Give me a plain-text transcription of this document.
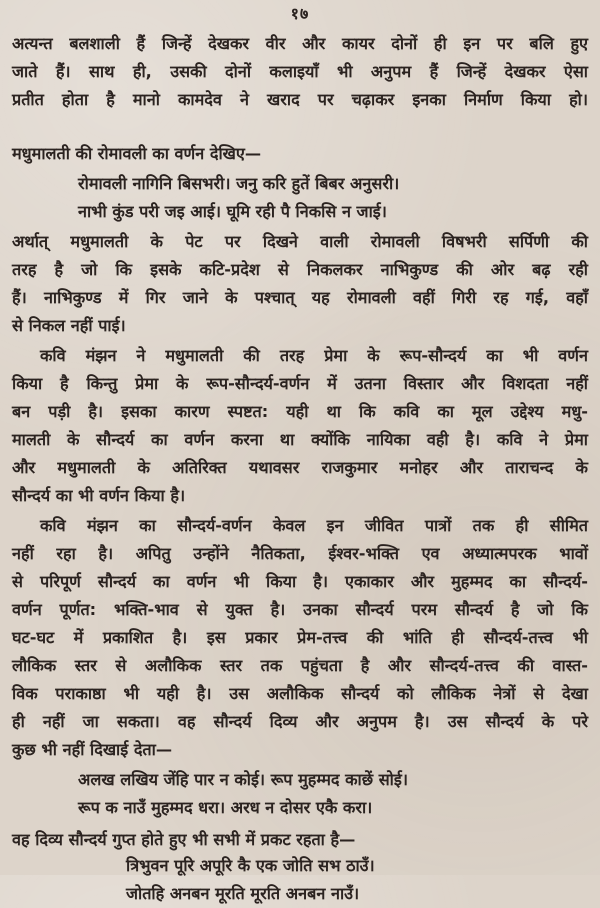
१७
अत्यन्त बलशाली हैं जिन्हें देखकर वीर और कायर दोनों ही इन पर बलि हुए
जाते हैं। साथ ही, उसकी दोनों कलाइयाँ भी अनुपम हैं जिन्हें देखकर ऐसा
प्रतीत होता है मानो कामदेव ने खराद पर चढ़ाकर इनका निर्माण किया हो।
मधुमालती की रोमावली का वर्णन देखिए—
रोमावली नागिनि बिसभरी। जनु करि हुतें बिबर अनुसरी।
नाभी कुंड परी जइ आई। घूमि रही पै निकसि न जाई।
अर्थात् मधुमालती के पेट पर दिखने वाली रोमावली विषभरी सर्पिणी की
तरह है जो कि इसके कटि-प्रदेश से निकलकर नाभिकुण्ड की ओर बढ़ रही
हैं। नाभिकुण्ड में गिर जाने के पश्चात् यह रोमावली वहीं गिरी रह गई, वहाँ
से निकल नहीं पाई।
कवि मंझन ने मधुमालती की तरह प्रेमा के रूप-सौन्दर्य का भी वर्णन
किया है किन्तु प्रेमा के रूप-सौन्दर्य-वर्णन में उतना विस्तार और विशदता नहीं
बन पड़ी है। इसका कारण स्पष्टत: यही था कि कवि का मूल उद्देश्य मधु-
मालती के सौन्दर्य का वर्णन करना था क्योंकि नायिका वही है। कवि ने प्रेमा
और मधुमालती के अतिरिक्त यथावसर राजकुमार मनोहर और ताराचन्द के
सौन्दर्य का भी वर्णन किया है।
कवि मंझन का सौन्दर्य-वर्णन केवल इन जीवित पात्रों तक ही सीमित
नहीं रहा है। अपितु उन्होंने नैतिकता, ईश्वर-भक्ति एव अध्यात्मपरक भावों
से परिपूर्ण सौन्दर्य का वर्णन भी किया है। एकाकार और मुहम्मद का सौन्दर्य-
वर्णन पूर्णत: भक्ति-भाव से युक्त है। उनका सौन्दर्य परम सौन्दर्य है जो कि
घट-घट में प्रकाशित है। इस प्रकार प्रेम-तत्त्व की भांति ही सौन्दर्य-तत्त्व भी
लौकिक स्तर से अलौकिक स्तर तक पहुंचता है और सौन्दर्य-तत्त्व की वास्त-
विक पराकाष्ठा भी यही है। उस अलौकिक सौन्दर्य को लौकिक नेत्रों से देखा
ही नहीं जा सकता। वह सौन्दर्य दिव्य और अनुपम है। उस सौन्दर्य के परे
कुछ भी नहीं दिखाई देता—
अलख लखिय जेंहि पार न कोई। रूप मुहम्मद काछें सोई।
रूप क नाउँ मुहम्मद धरा। अरध न दोसर एकै करा।
वह दिव्य सौन्दर्य गुप्त होते हुए भी सभी में प्रकट रहता है—
त्रिभुवन पूरि अपूरि कै एक जोति सभ ठाउँ।
जोतहि अनबन मूरति मूरति अनबन नाउँ।
